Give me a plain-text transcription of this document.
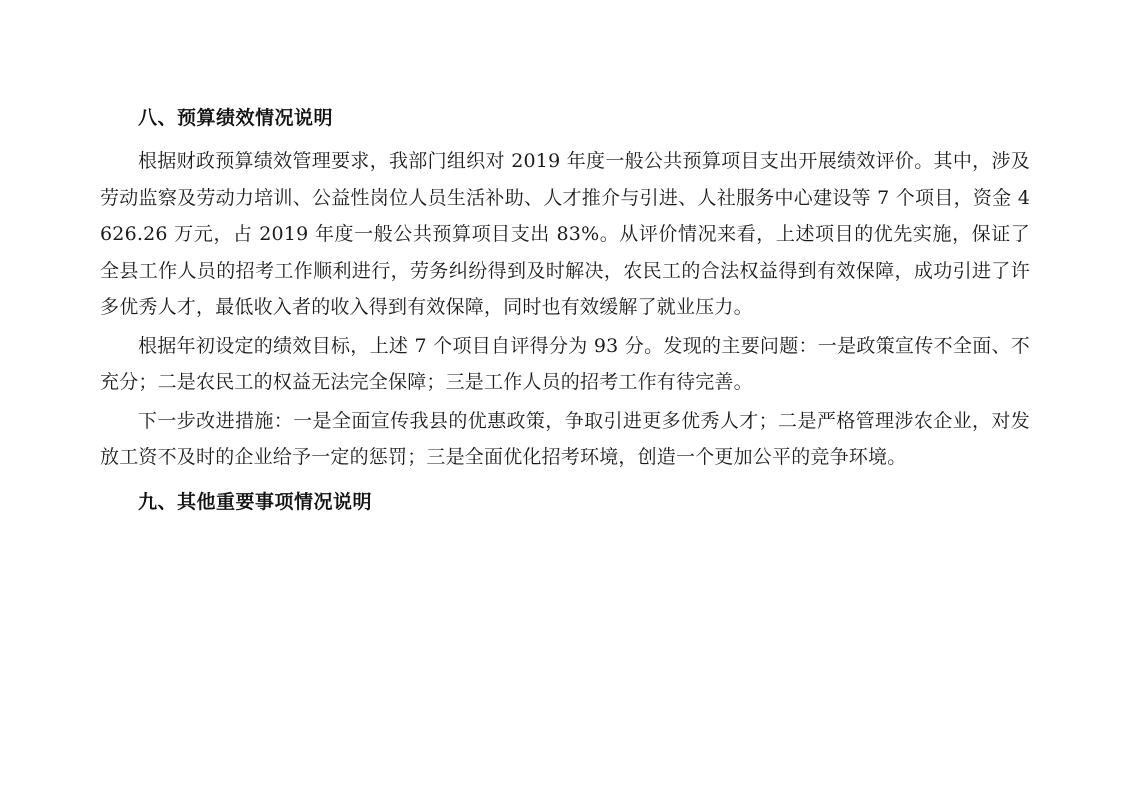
八、预算绩效情况说明

根据财政预算绩效管理要求，我部门组织对 2019 年度一般公共预算项目支出开展绩效评价。其中，涉及劳动监察及劳动力培训、公益性岗位人员生活补助、人才推介与引进、人社服务中心建设等 7 个项目，资金 4626.26 万元，占 2019 年度一般公共预算项目支出 83%。从评价情况来看，上述项目的优先实施，保证了全县工作人员的招考工作顺利进行，劳务纠纷得到及时解决，农民工的合法权益得到有效保障，成功引进了许多优秀人才，最低收入者的收入得到有效保障，同时也有效缓解了就业压力。

根据年初设定的绩效目标，上述 7 个项目自评得分为 93 分。发现的主要问题：一是政策宣传不全面、不充分；二是农民工的权益无法完全保障；三是工作人员的招考工作有待完善。

下一步改进措施：一是全面宣传我县的优惠政策，争取引进更多优秀人才；二是严格管理涉农企业，对发放工资不及时的企业给予一定的惩罚；三是全面优化招考环境，创造一个更加公平的竞争环境。

九、其他重要事项情况说明
